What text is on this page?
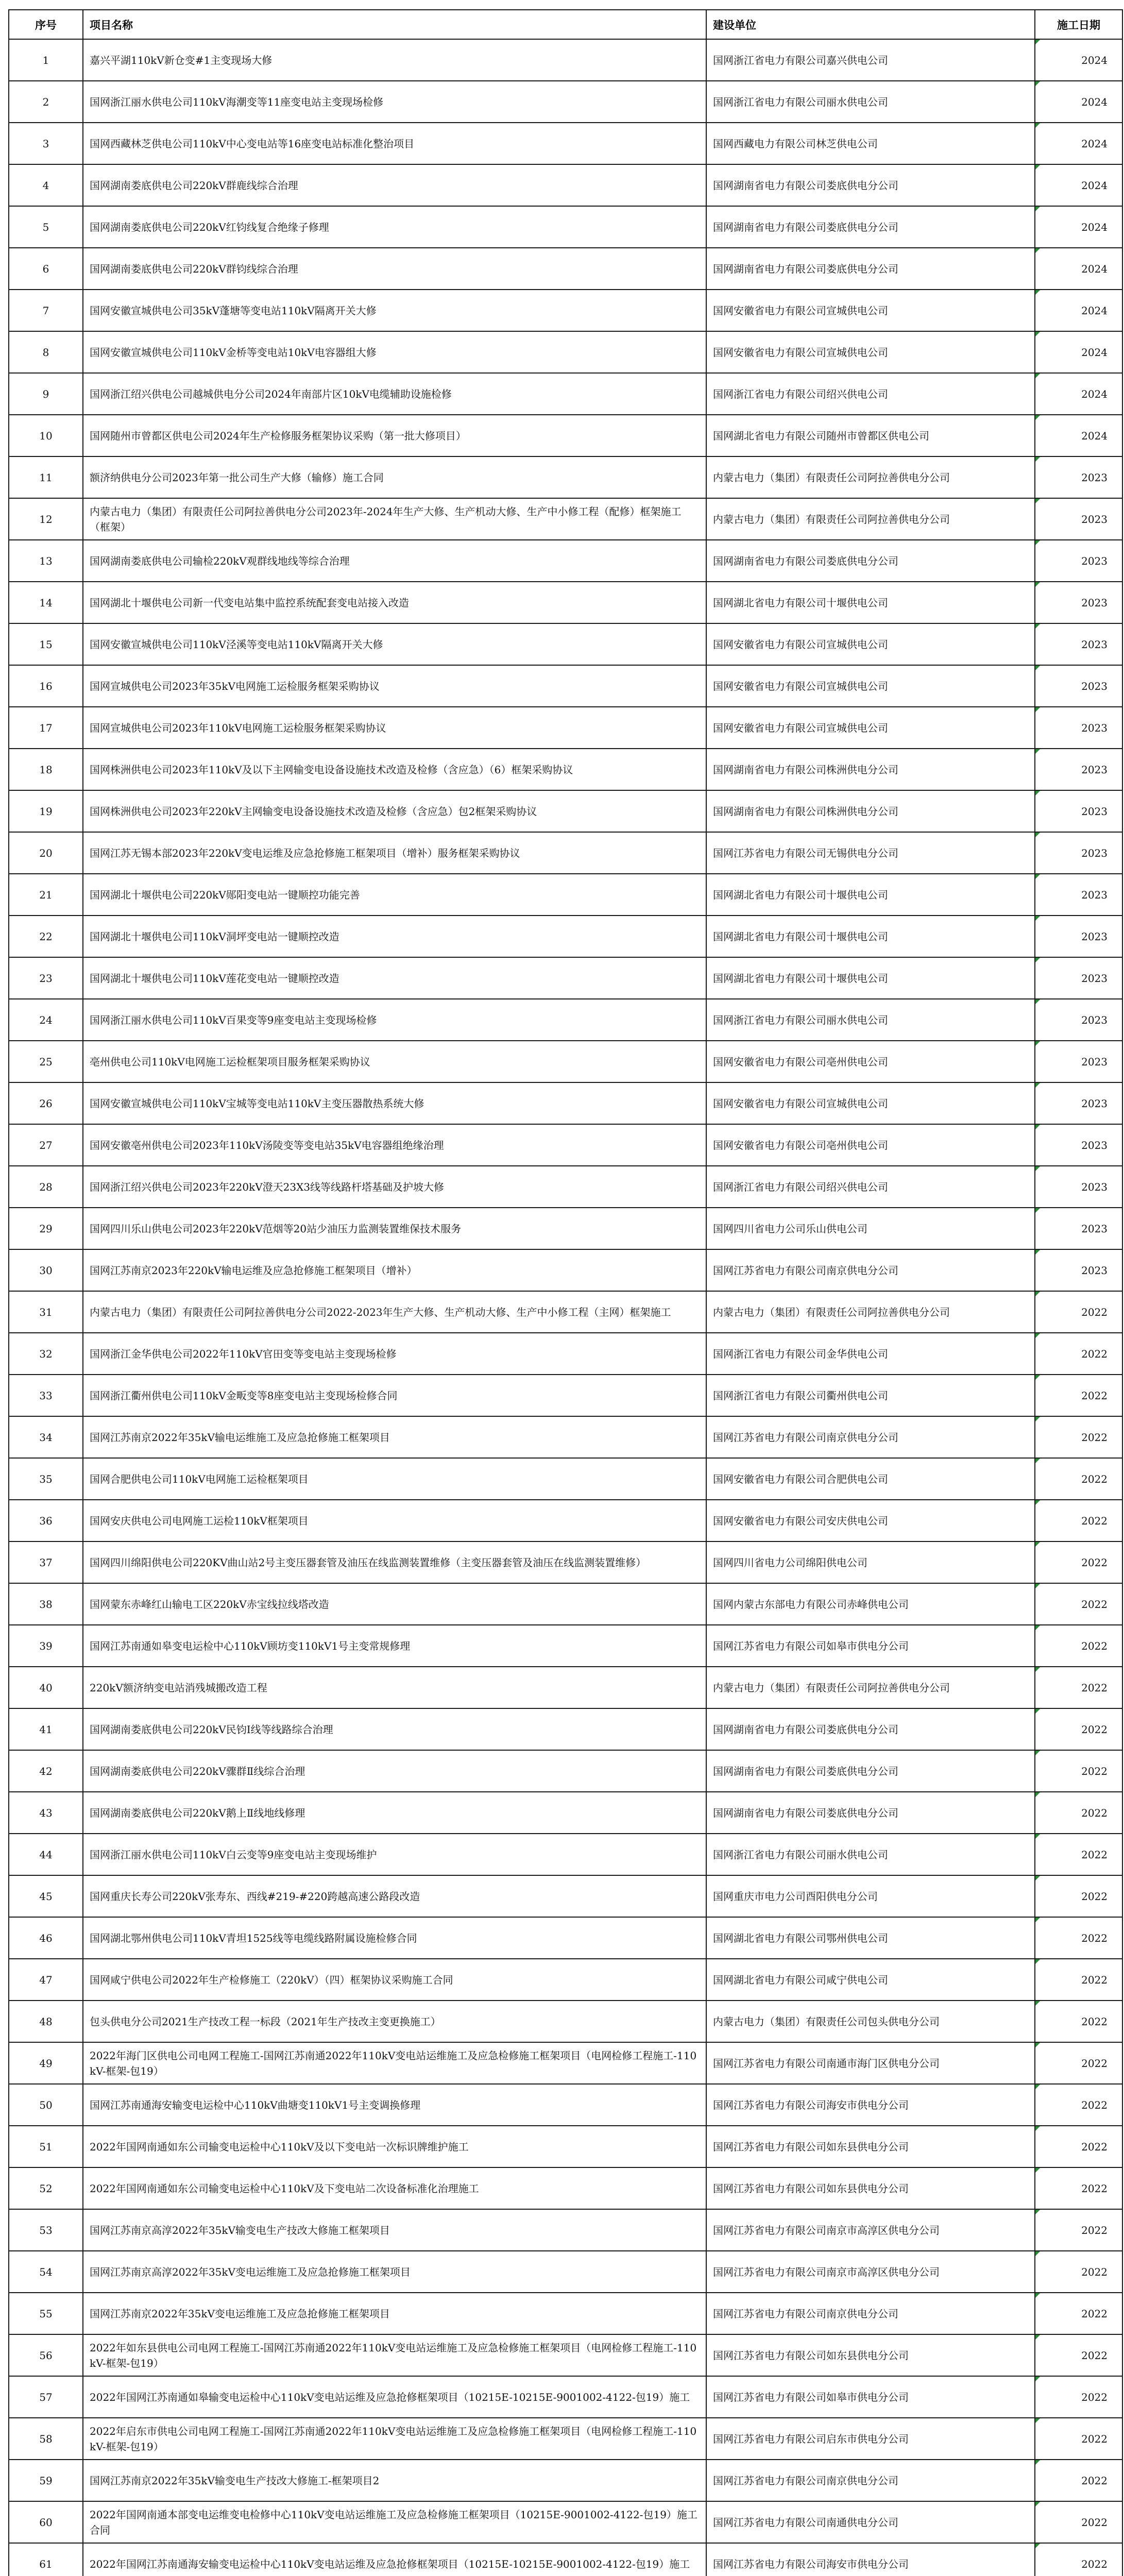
序号	项目名称	建设单位	施工日期
1	嘉兴平湖110kV新仓变#1主变现场大修	国网浙江省电力有限公司嘉兴供电公司	2024
2	国网浙江丽水供电公司110kV海潮变等11座变电站主变现场检修	国网浙江省电力有限公司丽水供电公司	2024
3	国网西藏林芝供电公司110kV中心变电站等16座变电站标准化整治项目	国网西藏电力有限公司林芝供电公司	2024
4	国网湖南娄底供电公司220kV群鹿线综合治理	国网湖南省电力有限公司娄底供电分公司	2024
5	国网湖南娄底供电公司220kV红钧线复合绝缘子修理	国网湖南省电力有限公司娄底供电分公司	2024
6	国网湖南娄底供电公司220kV群钧线综合治理	国网湖南省电力有限公司娄底供电分公司	2024
7	国网安徽宣城供电公司35kV蓬塘等变电站110kV隔离开关大修	国网安徽省电力有限公司宣城供电公司	2024
8	国网安徽宣城供电公司110kV金桥等变电站10kV电容器组大修	国网安徽省电力有限公司宣城供电公司	2024
9	国网浙江绍兴供电公司越城供电分公司2024年南部片区10kV电缆辅助设施检修	国网浙江省电力有限公司绍兴供电公司	2024
10	国网随州市曾都区供电公司2024年生产检修服务框架协议采购（第一批大修项目）	国网湖北省电力有限公司随州市曾都区供电公司	2024
11	额济纳供电分公司2023年第一批公司生产大修（输修）施工合同	内蒙古电力（集团）有限责任公司阿拉善供电分公司	2023
12	内蒙古电力（集团）有限责任公司阿拉善供电分公司2023年-2024年生产大修、生产机动大修、生产中小修工程（配修）框架施工（框架）	内蒙古电力（集团）有限责任公司阿拉善供电分公司	2023
13	国网湖南娄底供电公司输检220kV观群线地线等综合治理	国网湖南省电力有限公司娄底供电分公司	2023
14	国网湖北十堰供电公司新一代变电站集中监控系统配套变电站接入改造	国网湖北省电力有限公司十堰供电公司	2023
15	国网安徽宣城供电公司110kV泾溪等变电站110kV隔离开关大修	国网安徽省电力有限公司宣城供电公司	2023
16	国网宣城供电公司2023年35kV电网施工运检服务框架采购协议	国网安徽省电力有限公司宣城供电公司	2023
17	国网宣城供电公司2023年110kV电网施工运检服务框架采购协议	国网安徽省电力有限公司宣城供电公司	2023
18	国网株洲供电公司2023年110kV及以下主网输变电设备设施技术改造及检修（含应急）（6）框架采购协议	国网湖南省电力有限公司株洲供电分公司	2023
19	国网株洲供电公司2023年220kV主网输变电设备设施技术改造及检修（含应急）包2框架采购协议	国网湖南省电力有限公司株洲供电分公司	2023
20	国网江苏无锡本部2023年220kV变电运维及应急抢修施工框架项目（增补）服务框架采购协议	国网江苏省电力有限公司无锡供电分公司	2023
21	国网湖北十堰供电公司220kV郧阳变电站一键顺控功能完善	国网湖北省电力有限公司十堰供电公司	2023
22	国网湖北十堰供电公司110kV洞坪变电站一键顺控改造	国网湖北省电力有限公司十堰供电公司	2023
23	国网湖北十堰供电公司110kV莲花变电站一键顺控改造	国网湖北省电力有限公司十堰供电公司	2023
24	国网浙江丽水供电公司110kV百果变等9座变电站主变现场检修	国网浙江省电力有限公司丽水供电公司	2023
25	亳州供电公司110kV电网施工运检框架项目服务框架采购协议	国网安徽省电力有限公司亳州供电公司	2023
26	国网安徽宣城供电公司110kV宝城等变电站110kV主变压器散热系统大修	国网安徽省电力有限公司宣城供电公司	2023
27	国网安徽亳州供电公司2023年110kV汤陵变等变电站35kV电容器组绝缘治理	国网安徽省电力有限公司亳州供电公司	2023
28	国网浙江绍兴供电公司2023年220kV澄天23X3线等线路杆塔基础及护坡大修	国网浙江省电力有限公司绍兴供电公司	2023
29	国网四川乐山供电公司2023年220kV范烟等20站少油压力监测装置维保技术服务	国网四川省电力公司乐山供电公司	2023
30	国网江苏南京2023年220kV输电运维及应急抢修施工框架项目（增补）	国网江苏省电力有限公司南京供电分公司	2023
31	内蒙古电力（集团）有限责任公司阿拉善供电分公司2022-2023年生产大修、生产机动大修、生产中小修工程（主网）框架施工	内蒙古电力（集团）有限责任公司阿拉善供电分公司	2022
32	国网浙江金华供电公司2022年110kV官田变等变电站主变现场检修	国网浙江省电力有限公司金华供电公司	2022
33	国网浙江衢州供电公司110kV金畈变等8座变电站主变现场检修合同	国网浙江省电力有限公司衢州供电公司	2022
34	国网江苏南京2022年35kV输电运维施工及应急抢修施工框架项目	国网江苏省电力有限公司南京供电分公司	2022
35	国网合肥供电公司110kV电网施工运检框架项目	国网安徽省电力有限公司合肥供电公司	2022
36	国网安庆供电公司电网施工运检110kV框架项目	国网安徽省电力有限公司安庆供电公司	2022
37	国网四川绵阳供电公司220KV曲山站2号主变压器套管及油压在线监测装置维修（主变压器套管及油压在线监测装置维修）	国网四川省电力公司绵阳供电公司	2022
38	国网蒙东赤峰红山输电工区220kV赤宝线拉线塔改造	国网内蒙古东部电力有限公司赤峰供电公司	2022
39	国网江苏南通如皋变电运检中心110kV顾坊变110kV1号主变常规修理	国网江苏省电力有限公司如皋市供电分公司	2022
40	220kV额济纳变电站消残城搬改造工程	内蒙古电力（集团）有限责任公司阿拉善供电分公司	2022
41	国网湖南娄底供电公司220kV民钧Ⅰ线等线路综合治理	国网湖南省电力有限公司娄底供电分公司	2022
42	国网湖南娄底供电公司220kV骤群Ⅱ线综合治理	国网湖南省电力有限公司娄底供电分公司	2022
43	国网湖南娄底供电公司220kV鹅上Ⅱ线地线修理	国网湖南省电力有限公司娄底供电分公司	2022
44	国网浙江丽水供电公司110kV白云变等9座变电站主变现场维护	国网浙江省电力有限公司丽水供电公司	2022
45	国网重庆长寿公司220kV张寿东、西线#219-#220跨越高速公路段改造	国网重庆市电力公司酉阳供电分公司	2022
46	国网湖北鄂州供电公司110kV青坦1525线等电缆线路附属设施检修合同	国网湖北省电力有限公司鄂州供电公司	2022
47	国网咸宁供电公司2022年生产检修施工（220kV）（四）框架协议采购施工合同	国网湖北省电力有限公司咸宁供电公司	2022
48	包头供电分公司2021生产技改工程一标段（2021年生产技改主变更换施工）	内蒙古电力（集团）有限责任公司包头供电分公司	2022
49	2022年海门区供电公司电网工程施工-国网江苏南通2022年110kV变电站运维施工及应急检修施工框架项目（电网检修工程施工-110kV-框架-包19）	国网江苏省电力有限公司南通市海门区供电分公司	2022
50	国网江苏南通海安输变电运检中心110kV曲塘变110kV1号主变调换修理	国网江苏省电力有限公司海安市供电分公司	2022
51	2022年国网南通如东公司输变电运检中心110kV及以下变电站一次标识牌维护施工	国网江苏省电力有限公司如东县供电分公司	2022
52	2022年国网南通如东公司输变电运检中心110kV及下变电站二次设备标准化治理施工	国网江苏省电力有限公司如东县供电分公司	2022
53	国网江苏南京高淳2022年35kV输变电生产技改大修施工框架项目	国网江苏省电力有限公司南京市高淳区供电分公司	2022
54	国网江苏南京高淳2022年35kV变电运维施工及应急抢修施工框架项目	国网江苏省电力有限公司南京市高淳区供电分公司	2022
55	国网江苏南京2022年35kV变电运维施工及应急抢修施工框架项目	国网江苏省电力有限公司南京供电分公司	2022
56	2022年如东县供电公司电网工程施工-国网江苏南通2022年110kV变电站运维施工及应急检修施工框架项目（电网检修工程施工-110kV-框架-包19）	国网江苏省电力有限公司如东县供电分公司	2022
57	2022年国网江苏南通如皋输变电运检中心110kV变电站运维及应急抢修框架项目（10215E-10215E-9001002-4122-包19）施工	国网江苏省电力有限公司如皋市供电分公司	2022
58	2022年启东市供电公司电网工程施工-国网江苏南通2022年110kV变电站运维施工及应急检修施工框架项目（电网检修工程施工-110kV-框架-包19）	国网江苏省电力有限公司启东市供电分公司	2022
59	国网江苏南京2022年35kV输变电生产技改大修施工-框架项目2	国网江苏省电力有限公司南京供电分公司	2022
60	2022年国网南通本部变电运维变电检修中心110kV变电站运维施工及应急检修施工框架项目（10215E-9001002-4122-包19）施工合同	国网江苏省电力有限公司南通供电分公司	2022
61	2022年国网江苏南通海安输变电运检中心110kV变电站运维及应急抢修框架项目（10215E-10215E-9001002-4122-包19）施工	国网江苏省电力有限公司海安市供电分公司	2022
